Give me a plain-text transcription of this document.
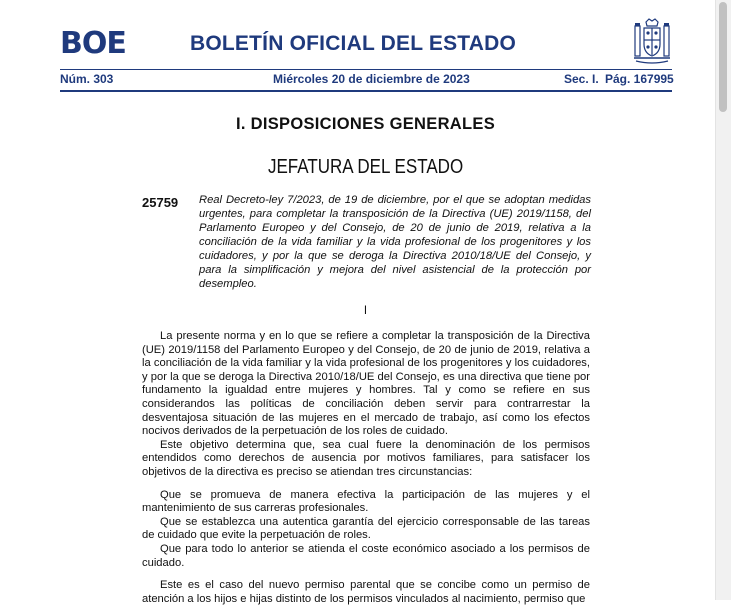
BOE	BOLETÍN OFICIAL DEL ESTADO
Núm. 303	Miércoles 20 de diciembre de 2023	Sec. I. Pág. 167995
I. DISPOSICIONES GENERALES
JEFATURA DEL ESTADO
25759 Real Decreto-ley 7/2023, de 19 de diciembre, por el que se adoptan medidas urgentes, para completar la transposición de la Directiva (UE) 2019/1158, del Parlamento Europeo y del Consejo, de 20 de junio de 2019, relativa a la conciliación de la vida familiar y la vida profesional de los progenitores y los cuidadores, y por la que se deroga la Directiva 2010/18/UE del Consejo, y para la simplificación y mejora del nivel asistencial de la protección por desempleo.
I

La presente norma y en lo que se refiere a completar la transposición de la Directiva (UE) 2019/1158 del Parlamento Europeo y del Consejo, de 20 de junio de 2019, relativa a la conciliación de la vida familiar y la vida profesional de los progenitores y los cuidadores, y por la que se deroga la Directiva 2010/18/UE del Consejo, es una directiva que tiene por fundamento la igualdad entre mujeres y hombres. Tal y como se refiere en sus considerandos las políticas de conciliación deben servir para contrarrestar la desventajosa situación de las mujeres en el mercado de trabajo, así como los efectos nocivos derivados de la perpetuación de los roles de cuidado.

Este objetivo determina que, sea cual fuere la denominación de los permisos entendidos como derechos de ausencia por motivos familiares, para satisfacer los objetivos de la directiva es preciso se atiendan tres circunstancias:

Que se promueva de manera efectiva la participación de las mujeres y el mantenimiento de sus carreras profesionales.

Que se establezca una autentica garantía del ejercicio corresponsable de las tareas de cuidado que evite la perpetuación de roles.

Que para todo lo anterior se atienda el coste económico asociado a los permisos de cuidado.

Este es el caso del nuevo permiso parental que se concibe como un permiso de atención a los hijos e hijas distinto de los permisos vinculados al nacimiento, permiso que
